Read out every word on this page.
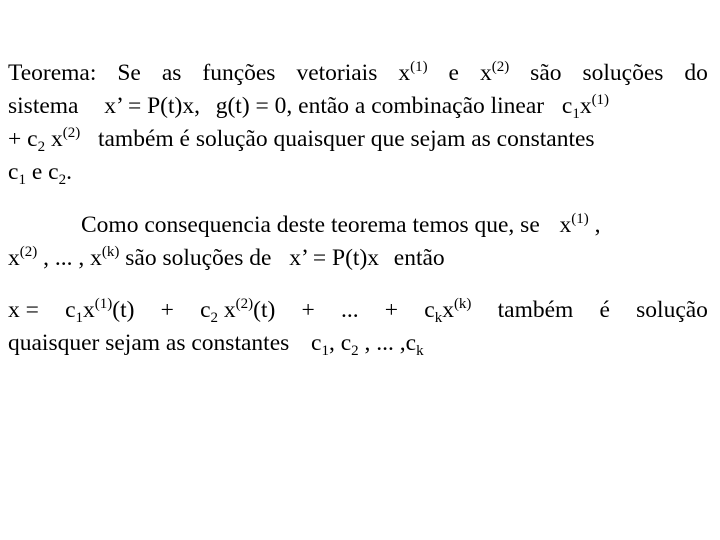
Teorema: Se as funções vetoriais $x^{(1)}$ e $x^{(2)}$ são soluções do
sistema x’ = P(t)x, g(t) = 0, então a combinação linear $c_1x^{(1)}$
+ $c_2$ $x^{(2)}$ também é solução quaisquer que sejam as constantes
$c_1$ e $c_2$.
Como consequencia deste teorema temos que, se $x^{(1)}$ ,
$x^{(2)}$ , ... , $x^{(k)}$ são soluções de x’ = P(t)x então
$x = c_1x^{(1)}(t) + c_2$ $x^{(2)}(t)$ + ... + $c_kx^{(k)}$ também é solução
quaisquer sejam as constantes $c_1$, $c_2$ , ... $,c_k$
